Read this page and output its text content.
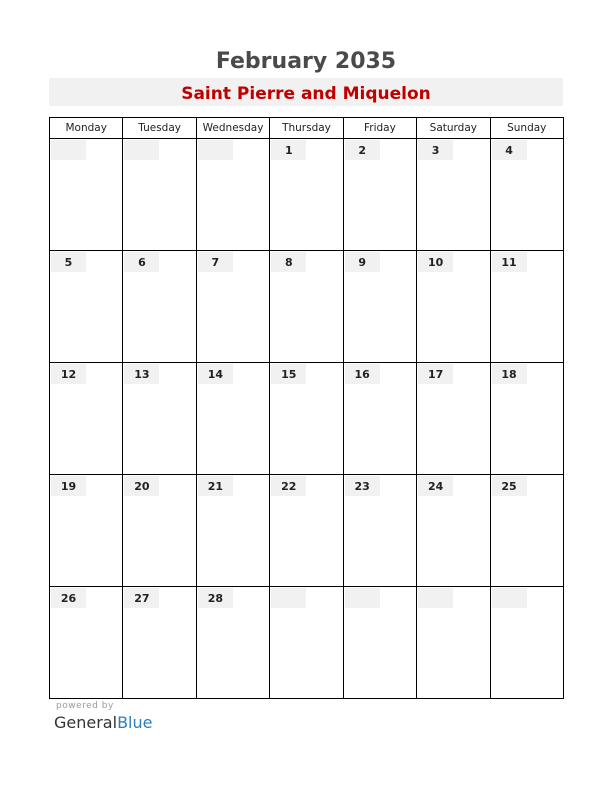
February 2035
Saint Pierre and Miquelon
Monday	Tuesday	Wednesday	Thursday	Friday	Saturday	Sunday

			1	2	3	4

5	6	7	8	9	10	11

12	13	14	15	16	17	18

19	20	21	22	23	24	25

26	27	28				

powered by
GeneralBlue
